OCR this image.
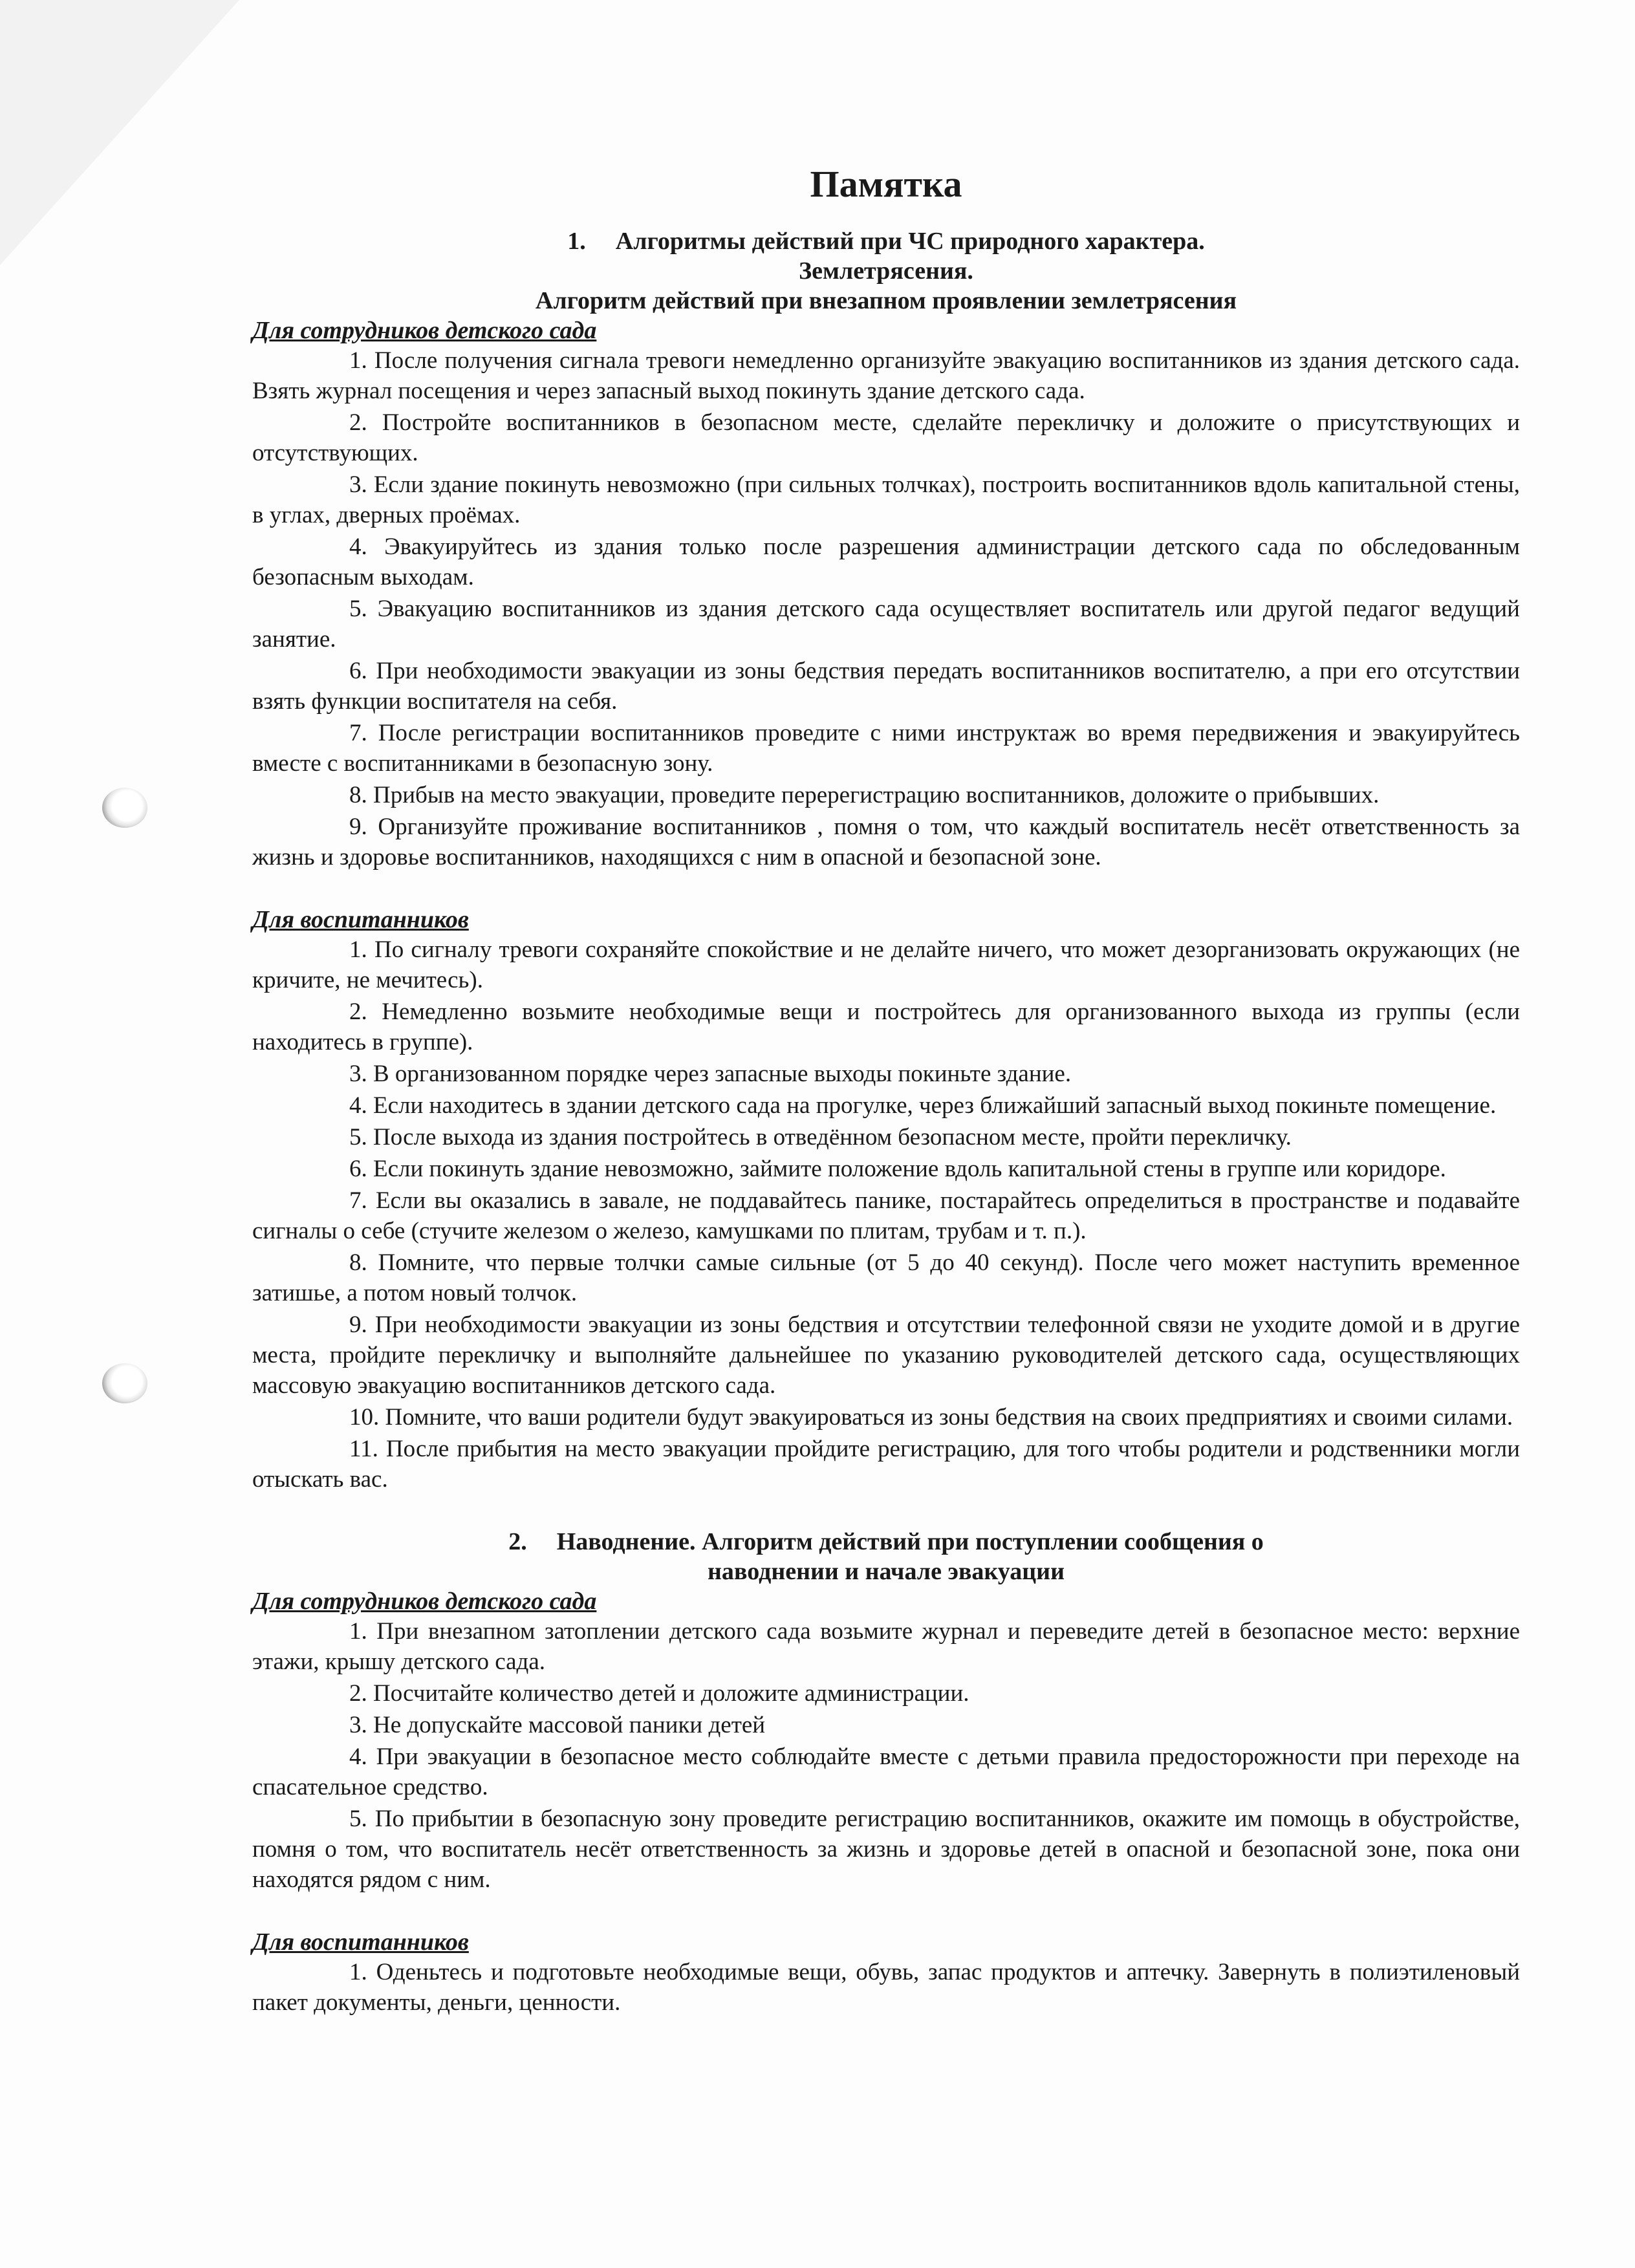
Памятка

1. Алгоритмы действий при ЧС природного характера.

Землетрясения.

Алгоритм действий при внезапном проявлении землетрясения

Для сотрудников детского сада

1. После получения сигнала тревоги немедленно организуйте эвакуацию воспитанников из здания детского сада. Взять журнал посещения и через запасный выход покинуть здание детского сада.
2. Постройте воспитанников в безопасном месте, сделайте перекличку и доложите о присутствующих и отсутствующих.
3. Если здание покинуть невозможно (при сильных толчках), построить воспитанников вдоль капитальной стены, в углах, дверных проёмах.
4. Эвакуируйтесь из здания только после разрешения администрации детского сада по обследованным безопасным выходам.
5. Эвакуацию воспитанников из здания детского сада осуществляет воспитатель или другой педагог ведущий занятие.
6. При необходимости эвакуации из зоны бедствия передать воспитанников воспитателю, а при его отсутствии взять функции воспитателя на себя.
7. После регистрации воспитанников проведите с ними инструктаж во время передвижения и эвакуируйтесь вместе с воспитанниками в безопасную зону.
8. Прибыв на место эвакуации, проведите перерегистрацию воспитанников, доложите о прибывших.
9. Организуйте проживание воспитанников , помня о том, что каждый воспитатель несёт ответственность за жизнь и здоровье воспитанников, находящихся с ним в опасной и безопасной зоне.

Для воспитанников

1. По сигналу тревоги сохраняйте спокойствие и не делайте ничего, что может дезорганизовать окружающих (не кричите, не мечитесь).
2. Немедленно возьмите необходимые вещи и постройтесь для организованного выхода из группы (если находитесь в группе).
3. В организованном порядке через запасные выходы покиньте здание.
4. Если находитесь в здании детского сада на прогулке, через ближайший запасный выход покиньте помещение.
5. После выхода из здания постройтесь в отведённом безопасном месте, пройти перекличку.
6. Если покинуть здание невозможно, займите положение вдоль капитальной стены в группе или коридоре.
7. Если вы оказались в завале, не поддавайтесь панике, постарайтесь определиться в пространстве и подавайте сигналы о себе (стучите железом о железо, камушками по плитам, трубам и т. п.).
8. Помните, что первые толчки самые сильные (от 5 до 40 секунд). После чего может наступить временное затишье, а потом новый толчок.
9. При необходимости эвакуации из зоны бедствия и отсутствии телефонной связи не уходите домой и в другие места, пройдите перекличку и выполняйте дальнейшее по указанию руководителей детского сада, осуществляющих массовую эвакуацию воспитанников детского сада.
10. Помните, что ваши родители будут эвакуироваться из зоны бедствия на своих предприятиях и своими силами.
11. После прибытия на место эвакуации пройдите регистрацию, для того чтобы родители и родственники могли отыскать вас.

2. Наводнение. Алгоритм действий при поступлении сообщения о

наводнении и начале эвакуации

Для сотрудников детского сада

1. При внезапном затоплении детского сада возьмите журнал и переведите детей в безопасное место: верхние этажи, крышу детского сада.
2. Посчитайте количество детей и доложите администрации.
3. Не допускайте массовой паники детей
4. При эвакуации в безопасное место соблюдайте вместе с детьми правила предосторожности при переходе на спасательное средство.
5. По прибытии в безопасную зону проведите регистрацию воспитанников, окажите им помощь в обустройстве, помня о том, что воспитатель несёт ответственность за жизнь и здоровье детей в опасной и безопасной зоне, пока они находятся рядом с ним.

Для воспитанников

1. Оденьтесь и подготовьте необходимые вещи, обувь, запас продуктов и аптечку. Завернуть в полиэтиленовый пакет документы, деньги, ценности.
